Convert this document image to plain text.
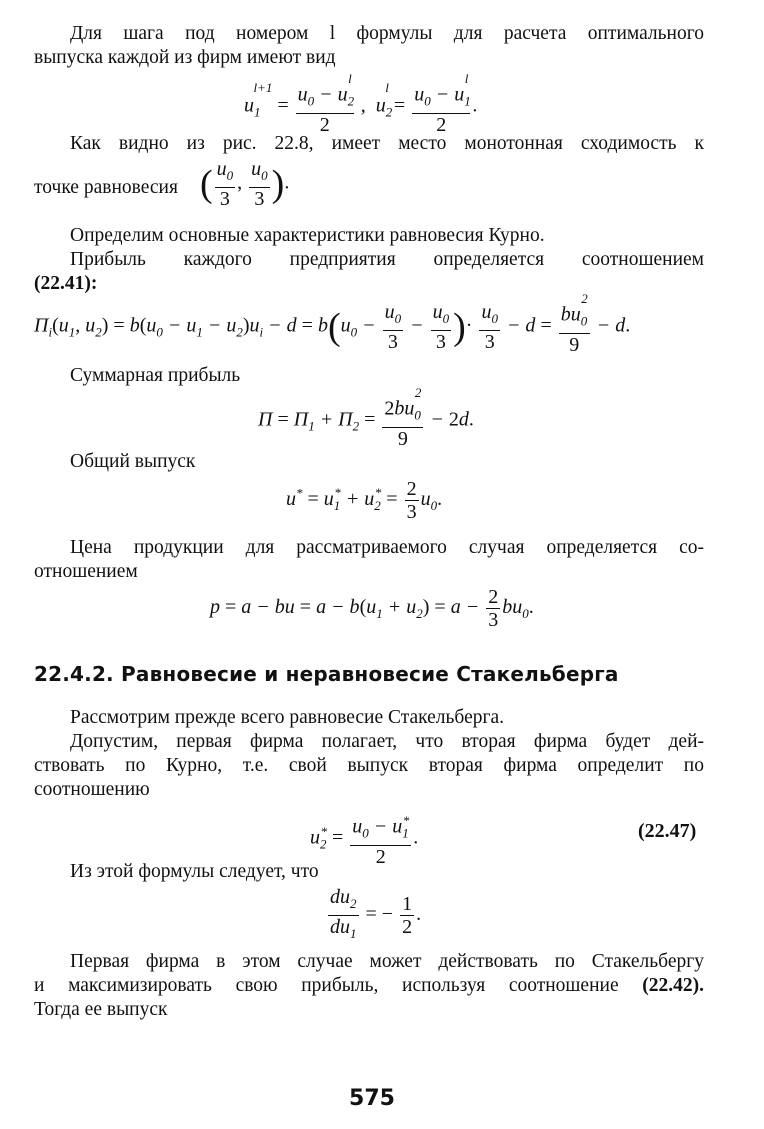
Для шага под номером l формулы для расчета оптимального
выпуска каждой из фирм имеют вид
$u_1^{l+1} = \frac{u_0 - u_2^l}{2}$ ,  $u_2^l = \frac{u_0 - u_1^l}{2}$ .
Как видно из рис. 22.8, имеет место монотонная сходимость к
точке равновесия ( $\frac{u_0}{3}$ , $\frac{u_0}{3}$ ).
Определим основные характеристики равновесия Курно.
Прибыль каждого предприятия определяется соотношением
(22.41):
$П_i(u_1$, $u_2) = b(u_0 - u_1 - u_2)u_i - d = b(u_0 - \frac{u_0}{3} - \frac{u_0}{3}$ )· $\frac{u_0}{3} - d = \frac{bu_0^2}{9} - d$.
Суммарная прибыль
$П = П_1 + П_2 = \frac{2bu_0^2}{9} - 2d$.
Общий выпуск
$u^* = u_1^* + u_2^* = \frac{2}{3} u_0$.
Цена продукции для рассматриваемого случая определяется со-
отношением
p = a − bu = $a - b(u_1 + u_2) = a - \frac{2}{3} bu_0$.
22.4.2. Равновесие и неравновесие Стакельберга
Рассмотрим прежде всего равновесие Стакельберга.
Допустим, первая фирма полагает, что вторая фирма будет дей-
ствовать по Курно, т.е. свой выпуск вторая фирма определит по
соотношению
$u_2^* = \frac{u_0 - u_1^*}{2}$ .	(22.47)
Из этой формулы следует, что
$\frac{du_2}{du_1}$ = − $\frac{1}{2}$ .
Первая фирма в этом случае может действовать по Стакельбергу
и максимизировать свою прибыль, используя соотношение (22.42).
Тогда ее выпуск
575
